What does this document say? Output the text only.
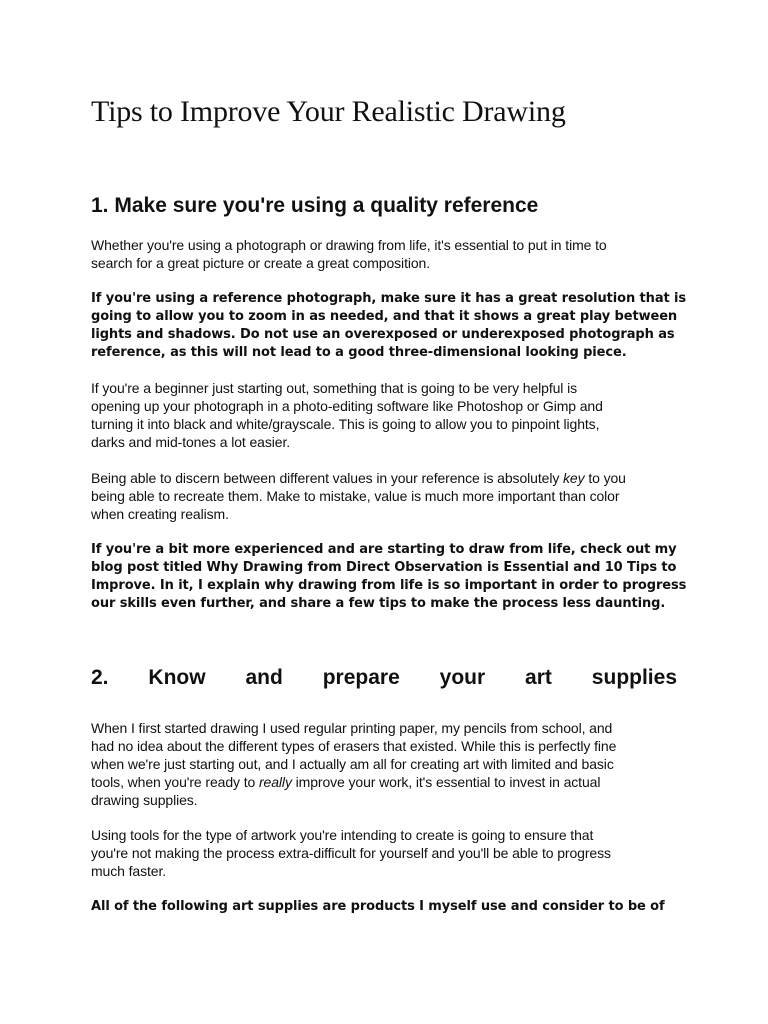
Tips to Improve Your Realistic Drawing
1. Make sure you're using a quality reference
Whether you're using a photograph or drawing from life, it's essential to put in time to
search for a great picture or create a great composition.
If you're using a reference photograph, make sure it has a great resolution that is
going to allow you to zoom in as needed, and that it shows a great play between
lights and shadows. Do not use an overexposed or underexposed photograph as
reference, as this will not lead to a good three-dimensional looking piece.
If you're a beginner just starting out, something that is going to be very helpful is
opening up your photograph in a photo-editing software like Photoshop or Gimp and
turning it into black and white/grayscale. This is going to allow you to pinpoint lights,
darks and mid-tones a lot easier.
Being able to discern between different values in your reference is absolutely key to you
being able to recreate them. Make to mistake, value is much more important than color
when creating realism.
If you're a bit more experienced and are starting to draw from life, check out my
blog post titled Why Drawing from Direct Observation is Essential and 10 Tips to
Improve. In it, I explain why drawing from life is so important in order to progress
our skills even further, and share a few tips to make the process less daunting.
2. Know and prepare your art supplies
When I first started drawing I used regular printing paper, my pencils from school, and
had no idea about the different types of erasers that existed. While this is perfectly fine
when we're just starting out, and I actually am all for creating art with limited and basic
tools, when you're ready to really improve your work, it's essential to invest in actual
drawing supplies.
Using tools for the type of artwork you're intending to create is going to ensure that
you're not making the process extra-difficult for yourself and you'll be able to progress
much faster.
All of the following art supplies are products I myself use and consider to be of
